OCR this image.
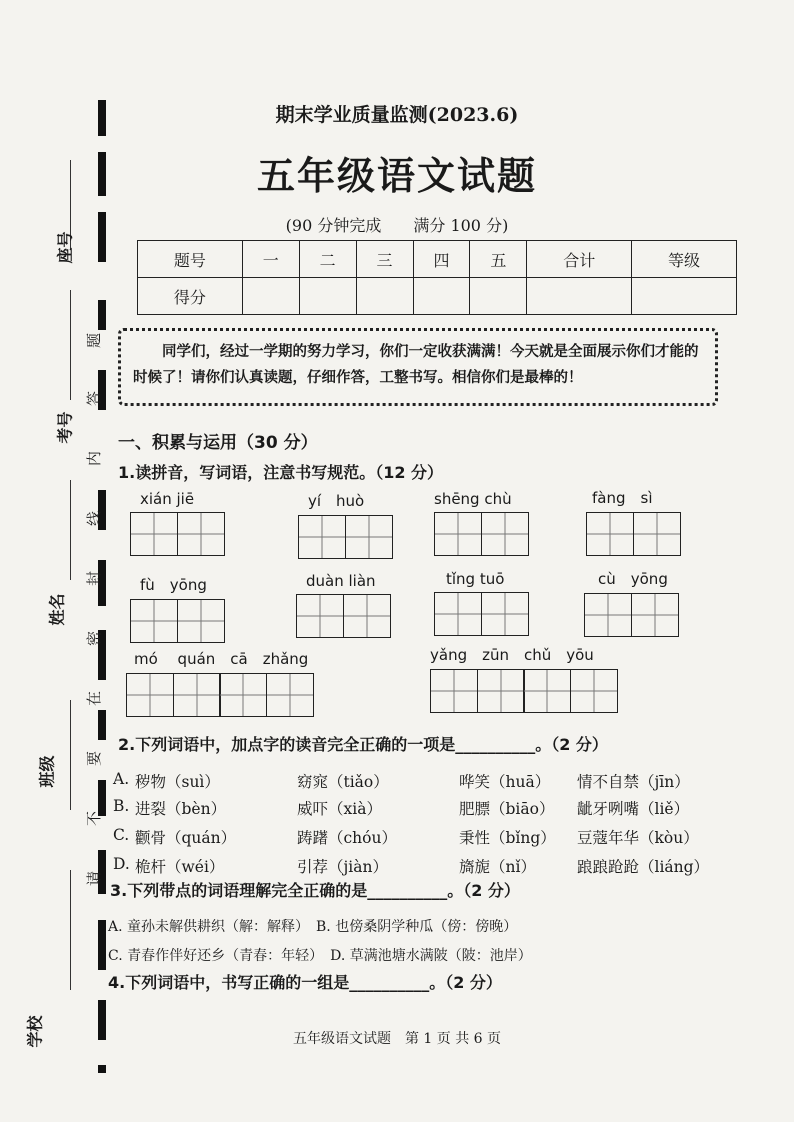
座号
考号
姓名
班级
学校
题
答
内
线
封
密
在
要
不
请
期末学业质量监测(2023.6)
五年级语文试题
(90 分钟完成　　满分 100 分)
题号	一	二	三	四	五	合计	等级
得分							
同学们，经过一学期的努力学习，你们一定收获满满！今天就是全面展示你们才能的时候了！请你们认真读题，仔细作答，工整书写。相信你们是最棒的！
一、积累与运用（30 分）
1.读拼音，写词语，注意书写规范。（12 分）
xián jiē	yí　huò	shēng chù	fàng　sì
fù　yōng	duàn liàn	tǐng tuō	cù　yōng
mó　 quán　cā　zhǎng	yǎng　zūn　chǔ　yōu
2.下列词语中，加点字的读音完全正确的一项是__________。（2 分）
A. 秽物（suì）	窈窕（tiǎo）	哗笑（huā）	情不自禁（jīn）
B. 进裂（bèn）	威吓（xià）	肥膘（biāo）	龇牙咧嘴（liě）
C. 颧骨（quán）	踌躇（chóu）	秉性（bǐng）	豆蔻年华（kòu）
D. 桅杆（wéi）	引荐（jiàn）	旖旎（nǐ）	踉踉跄跄（liáng）
3.下列带点的词语理解完全正确的是__________。（2 分）
A. 童孙未解供耕织（解：解释）　B. 也傍桑阴学种瓜（傍：傍晚）
C. 青春作伴好还乡（青春：年轻）　D. 草满池塘水满陂（陂：池岸）
4.下列词语中，书写正确的一组是__________。（2 分）
五年级语文试题　第 1 页 共 6 页
